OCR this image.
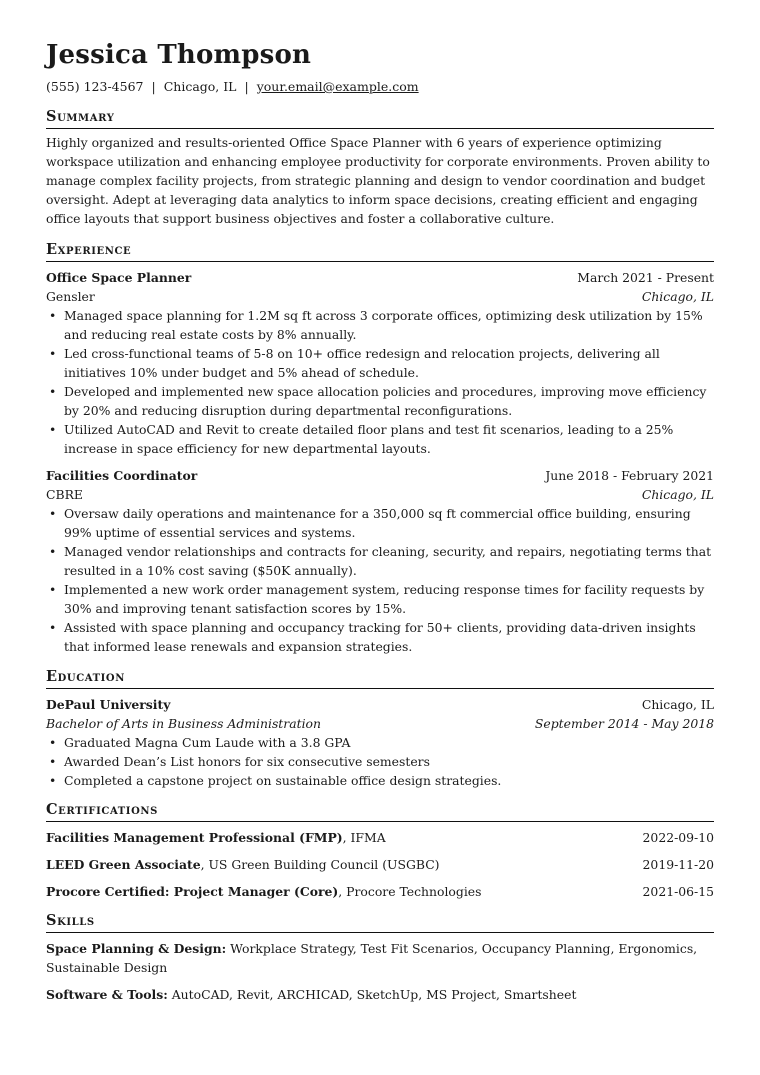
Jessica Thompson
(555) 123-4567 | Chicago, IL | your.email@example.com
Summary

Highly organized and results-oriented Office Space Planner with 6 years of experience optimizing workspace utilization and enhancing employee productivity for corporate environments. Proven ability to manage complex facility projects, from strategic planning and design to vendor coordination and budget oversight. Adept at leveraging data analytics to inform space decisions, creating efficient and engaging office layouts that support business objectives and foster a collaborative culture.

Experience
Office Space Planner	March 2021 - Present
Gensler	Chicago, IL
• Managed space planning for 1.2M sq ft across 3 corporate offices, optimizing desk utilization by 15% and reducing real estate costs by 8% annually.
• Led cross-functional teams of 5-8 on 10+ office redesign and relocation projects, delivering all initiatives 10% under budget and 5% ahead of schedule.
• Developed and implemented new space allocation policies and procedures, improving move efficiency by 20% and reducing disruption during departmental reconfigurations.
• Utilized AutoCAD and Revit to create detailed floor plans and test fit scenarios, leading to a 25% increase in space efficiency for new departmental layouts.
Facilities Coordinator	June 2018 - February 2021
CBRE	Chicago, IL
• Oversaw daily operations and maintenance for a 350,000 sq ft commercial office building, ensuring 99% uptime of essential services and systems.
• Managed vendor relationships and contracts for cleaning, security, and repairs, negotiating terms that resulted in a 10% cost saving ($50K annually).
• Implemented a new work order management system, reducing response times for facility requests by 30% and improving tenant satisfaction scores by 15%.
• Assisted with space planning and occupancy tracking for 50+ clients, providing data-driven insights that informed lease renewals and expansion strategies.
Education
DePaul University	Chicago, IL
Bachelor of Arts in Business Administration	September 2014 - May 2018
• Graduated Magna Cum Laude with a 3.8 GPA
• Awarded Dean’s List honors for six consecutive semesters
• Completed a capstone project on sustainable office design strategies.
Certifications
Facilities Management Professional (FMP), IFMA	2022-09-10
LEED Green Associate, US Green Building Council (USGBC)	2019-11-20
Procore Certified: Project Manager (Core), Procore Technologies	2021-06-15
Skills

Space Planning & Design: Workplace Strategy, Test Fit Scenarios, Occupancy Planning, Ergonomics, Sustainable Design

Software & Tools: AutoCAD, Revit, ARCHICAD, SketchUp, MS Project, Smartsheet
